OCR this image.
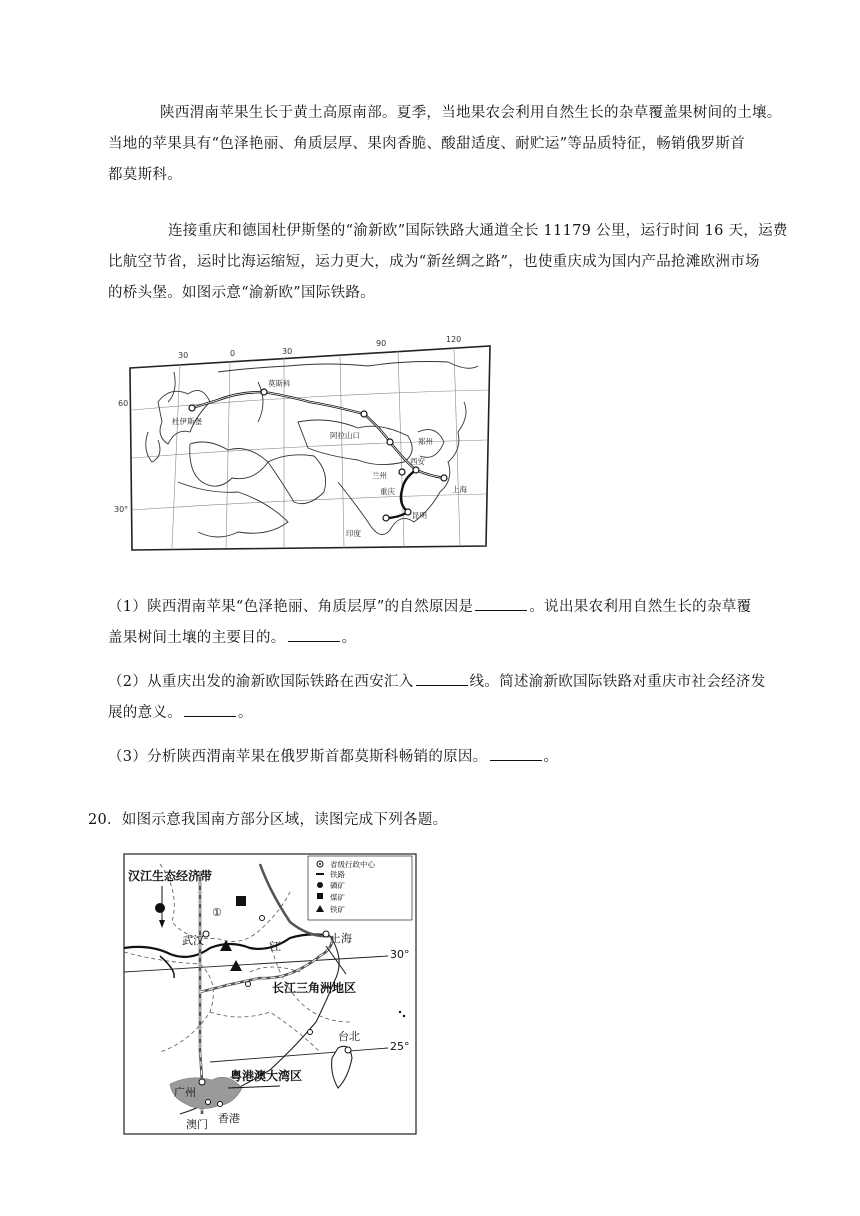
陕西渭南苹果生长于黄土高原南部。夏季，当地果农会利用自然生长的杂草覆盖果树间的土壤。
当地的苹果具有“色泽艳丽、角质层厚、果肉香脆、酸甜适度、耐贮运”等品质特征，畅销俄罗斯首
都莫斯科。
连接重庆和德国杜伊斯堡的“渝新欧”国际铁路大通道全长 11179 公里，运行时间 16 天，运费
比航空节省，运时比海运缩短，运力更大，成为“新丝绸之路”，也使重庆成为国内产品抢滩欧洲市场
的桥头堡。如图示意“渝新欧”国际铁路。
30	0	30
90	120
60
30°
莫斯科
杜伊斯堡
阿拉山口
兰州
西安
重庆
郑州
上海
昆明
印度
（1）陕西渭南苹果“色泽艳丽、角质层厚”的自然原因是	。说出果农利用自然生长的杂草覆
盖果树间土壤的主要目的。	。
（2）从重庆出发的渝新欧国际铁路在西安汇入	线。简述渝新欧国际铁路对重庆市社会经济发
展的意义。	。
（3）分析陕西渭南苹果在俄罗斯首都莫斯科畅销的原因。	。
20．如图示意我国南方部分区域，读图完成下列各题。
省级行政中心
铁路
磷矿
煤矿
铁矿
汉江生态经济带
长江三角洲地区
粤港澳大湾区
①
武汉	江
上海
30°
25°
台北
广州
澳门 香港
